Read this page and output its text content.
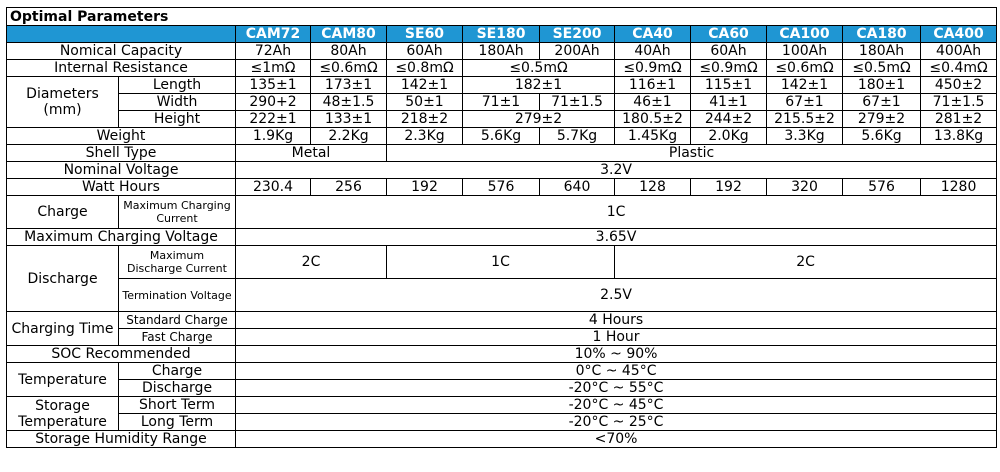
Optimal Parameters											
		CAM72	CAM80	SE60	SE180	SE200	CA40	CA60	CA100	CA180	CA400
Nomical Capacity		72Ah	80Ah	60Ah	180Ah	200Ah	40Ah	60Ah	100Ah	180Ah	400Ah
Internal Resistance		≤1mΩ	≤0.6mΩ	≤0.8mΩ	≤0.5mΩ		≤0.9mΩ	≤0.9mΩ	≤0.6mΩ	≤0.5mΩ	≤0.4mΩ
Diameters (mm)	Length	135±1	173±1	142±1	182±1		116±1	115±1	142±1	180±1	450±2
	Width	290+2	48±1.5	50±1	71±1	71±1.5	46±1	41±1	67±1	67±1	71±1.5
	Height	222±1	133±1	218±2	279±2		180.5±2	244±2	215.5±2	279±2	281±2
Weight		1.9Kg	2.2Kg	2.3Kg	5.6Kg	5.7Kg	1.45Kg	2.0Kg	3.3Kg	5.6Kg	13.8Kg
Shell Type		Metal		Plastic							
Nominal Voltage		3.2V									
Watt Hours		230.4	256	192	576	640	128	192	320	576	1280
Charge	Maximum Charging Current	1C									
Maximum Charging Voltage		3.65V									
Discharge	Maximum Discharge Current	2C		1C			2C				
	Termination Voltage	2.5V									
Charging Time	Standard Charge	4 Hours									
	Fast Charge	1 Hour									
SOC Recommended		10% ~ 90%									
Temperature	Charge	0°C ~ 45°C									
	Discharge	-20°C ~ 55°C									
Storage Temperature	Short Term	-20°C ~ 45°C									
	Long Term	-20°C ~ 25°C									
Storage Humidity Range		<70%									
